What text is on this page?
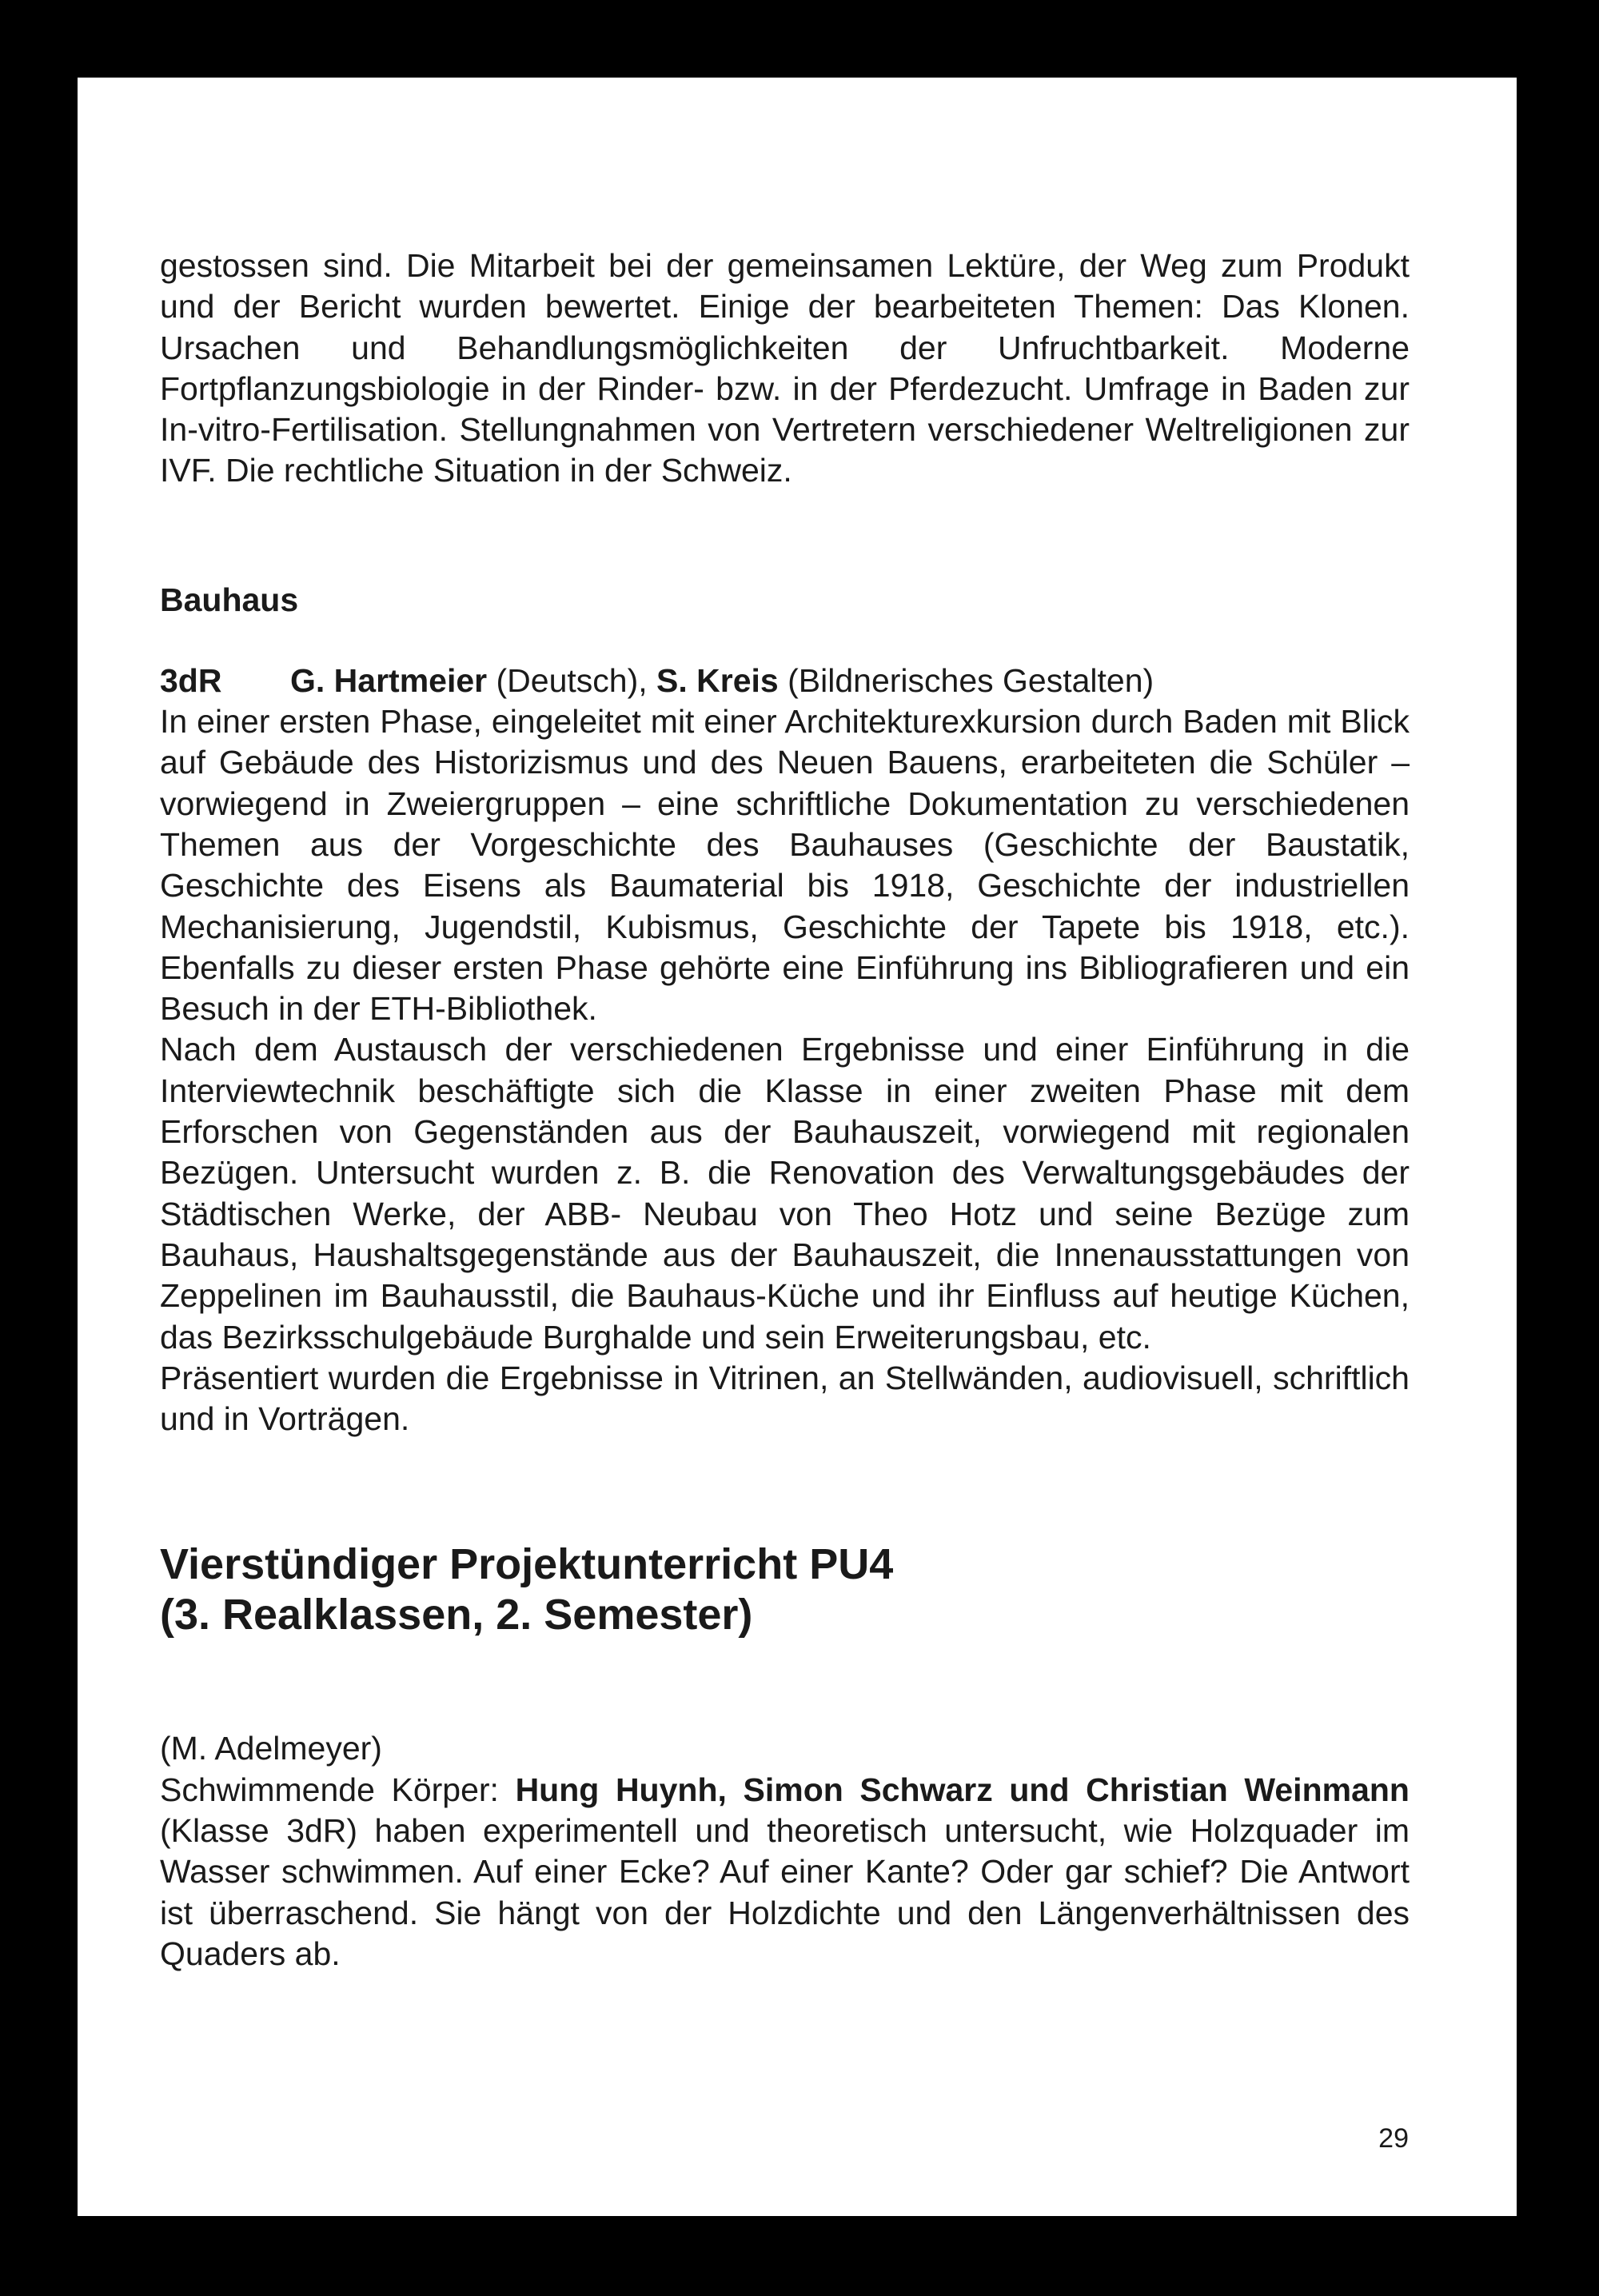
gestossen sind. Die Mitarbeit bei der gemeinsamen Lektüre, der Weg zum Produkt und der Bericht wurden bewertet. Einige der bearbeiteten Themen: Das Klonen. Ursachen und Behandlungsmöglichkeiten der Unfruchtbarkeit. Moderne Fortpflanzungsbiologie in der Rinder- bzw. in der Pferdezucht. Umfrage in Baden zur In-vitro-Fertilisation. Stellungnahmen von Vertretern verschiedener Weltreligionen zur IVF. Die rechtliche Situation in der Schweiz.

Bauhaus

3dR G. Hartmeier (Deutsch), S. Kreis (Bildnerisches Gestalten)

In einer ersten Phase, eingeleitet mit einer Architekturexkursion durch Baden mit Blick auf Gebäude des Historizismus und des Neuen Bauens, erarbeiteten die Schüler – vorwiegend in Zweiergruppen – eine schriftliche Dokumentation zu verschiedenen Themen aus der Vorgeschichte des Bauhauses (Geschichte der Baustatik, Geschichte des Eisens als Baumaterial bis 1918, Geschichte der industriellen Mechanisierung, Jugendstil, Kubismus, Geschichte der Tapete bis 1918, etc.). Ebenfalls zu dieser ersten Phase gehörte eine Einführung ins Bibliografieren und ein Besuch in der ETH-Bibliothek.

Nach dem Austausch der verschiedenen Ergebnisse und einer Einführung in die Interviewtechnik beschäftigte sich die Klasse in einer zweiten Phase mit dem Erforschen von Gegenständen aus der Bauhauszeit, vorwiegend mit regionalen Bezügen. Untersucht wurden z. B. die Renovation des Verwaltungsgebäudes der Städtischen Werke, der ABB- Neubau von Theo Hotz und seine Bezüge zum Bauhaus, Haushaltsgegenstände aus der Bauhauszeit, die Innenausstattungen von Zeppelinen im Bauhausstil, die Bauhaus-Küche und ihr Einfluss auf heutige Küchen, das Bezirksschulgebäude Burghalde und sein Erweiterungsbau, etc.

Präsentiert wurden die Ergebnisse in Vitrinen, an Stellwänden, audiovisuell, schriftlich und in Vorträgen.

Vierstündiger Projektunterricht PU4
(3. Realklassen, 2. Semester)

(M. Adelmeyer)

Schwimmende Körper: Hung Huynh, Simon Schwarz und Christian Weinmann (Klasse 3dR) haben experimentell und theoretisch untersucht, wie Holzquader im Wasser schwimmen. Auf einer Ecke? Auf einer Kante? Oder gar schief? Die Antwort ist überraschend. Sie hängt von der Holzdichte und den Längenverhältnissen des Quaders ab.

29
